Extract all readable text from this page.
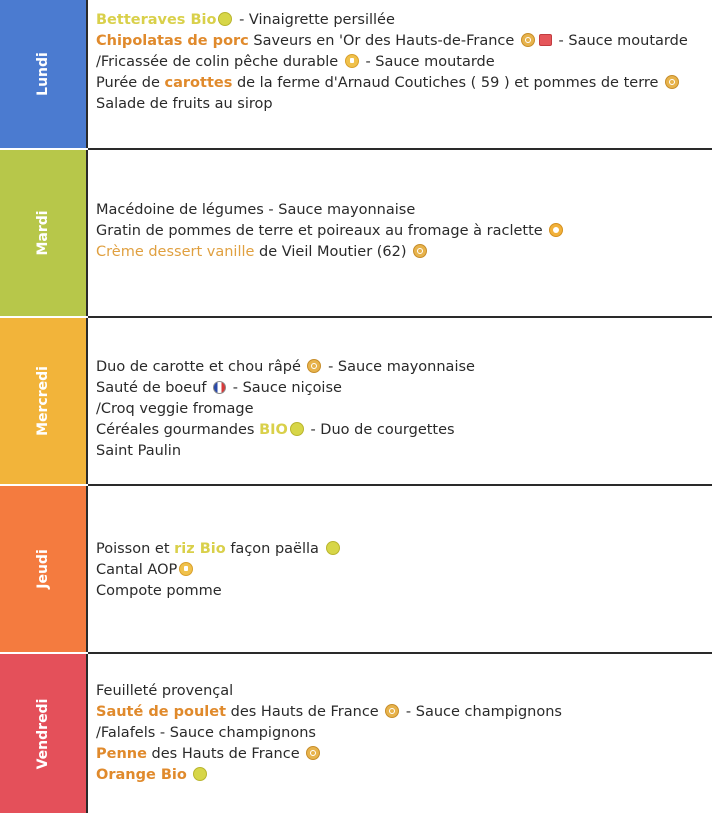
Lundi
Betteraves Bio - Vinaigrette persillée
Chipolatas de porc Saveurs en 'Or des Hauts-de-France  - Sauce moutarde
/Fricassée de colin pêche durable  - Sauce moutarde
Purée de carottes de la ferme d'Arnaud Coutiches ( 59 ) et pommes de terre
Salade de fruits au sirop
Mardi
Macédoine de légumes - Sauce mayonnaise
Gratin de pommes de terre et poireaux au fromage à raclette
Crème dessert vanille de Vieil Moutier (62)
Mercredi	Duo de carotte et chou râpé  - Sauce mayonnaise
Sauté de boeuf  - Sauce niçoise
/Croq veggie fromage
Céréales gourmandes BIO - Duo de courgettes
Saint Paulin
Jeudi
Poisson et riz Bio façon paëlla
Cantal AOP
Compote pomme
Vendredi
Feuilleté provençal
Sauté de poulet des Hauts de France  - Sauce champignons
/Falafels - Sauce champignons
Penne des Hauts de France
Orange Bio
